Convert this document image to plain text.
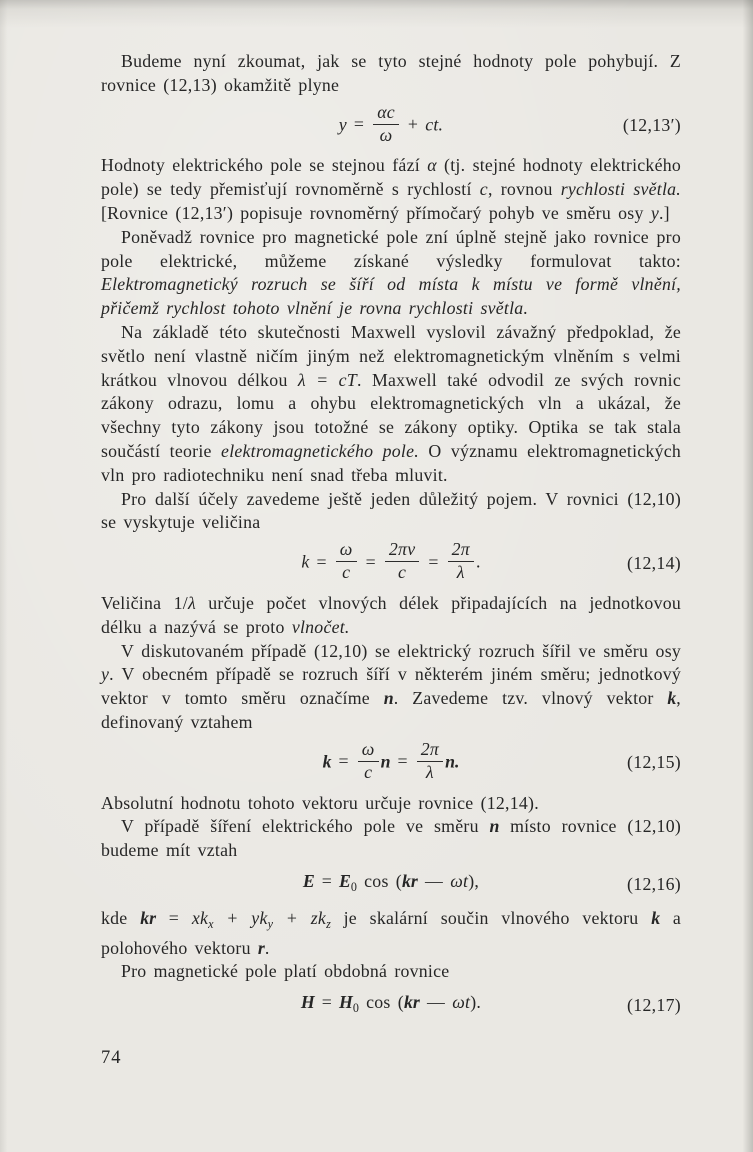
Budeme nyní zkoumat, jak se tyto stejné hodnoty pole pohybují. Z rovnice (12,13) okamžitě plyne

$y = \frac{\alpha c}{\omega}$ + ct.	(12,13′)

Hodnoty elektrického pole se stejnou fází α (tj. stejné hodnoty elektrického pole) se tedy přemisťují rovnoměrně s rychlostí c, rovnou rychlosti světla. [Rovnice (12,13′) popisuje rovnoměrný přímočarý pohyb ve směru osy y.]

Poněvadž rovnice pro magnetické pole zní úplně stejně jako rovnice pro pole elektrické, můžeme získané výsledky formulovat takto: Elektromagnetický rozruch se šíří od místa k místu ve formě vlnění, přičemž rychlost tohoto vlnění je rovna rychlosti světla.

Na základě této skutečnosti Maxwell vyslovil závažný předpoklad, že světlo není vlastně ničím jiným než elektromagnetickým vlněním s velmi krátkou vlnovou délkou λ = cT. Maxwell také odvodil ze svých rovnic zákony odrazu, lomu a ohybu elektromagnetických vln a ukázal, že všechny tyto zákony jsou totožné se zákony optiky. Optika se tak stala součástí teorie elektromagnetického pole. O významu elektromagnetických vln pro radiotechniku není snad třeba mluvit.

Pro další účely zavedeme ještě jeden důležitý pojem. V rovnici (12,10) se vyskytuje veličina

$k = \frac{\omega}{c} = \frac{2\pi\nu}{c} = \frac{2\pi}{\lambda}$ .	(12,14)

Veličina 1/λ určuje počet vlnových délek připadajících na jednotkovou délku a nazývá se proto vlnočet.

V diskutovaném případě (12,10) se elektrický rozruch šířil ve směru osy y. V obecném případě se rozruch šíří v některém jiném směru; jednotkový vektor v tomto směru označíme n. Zavedeme tzv. vlnový vektor k, definovaný vztahem

$k = \frac{\omega}{c}$ $n = \frac{2\pi}{\lambda} n$.	(12,15)

Absolutní hodnotu tohoto vektoru určuje rovnice (12,14).

V případě šíření elektrického pole ve směru n místo rovnice (12,10) budeme mít vztah

$E = E_0$ cos (kr — ωt),	(12,16)

kde kr = $xk_x + yk_y + zk_z$ je skalární součin vlnového vektoru k a polohového vektoru r.

Pro magnetické pole platí obdobná rovnice

$H = H_0$ cos (kr — ωt).	(12,17)
74
